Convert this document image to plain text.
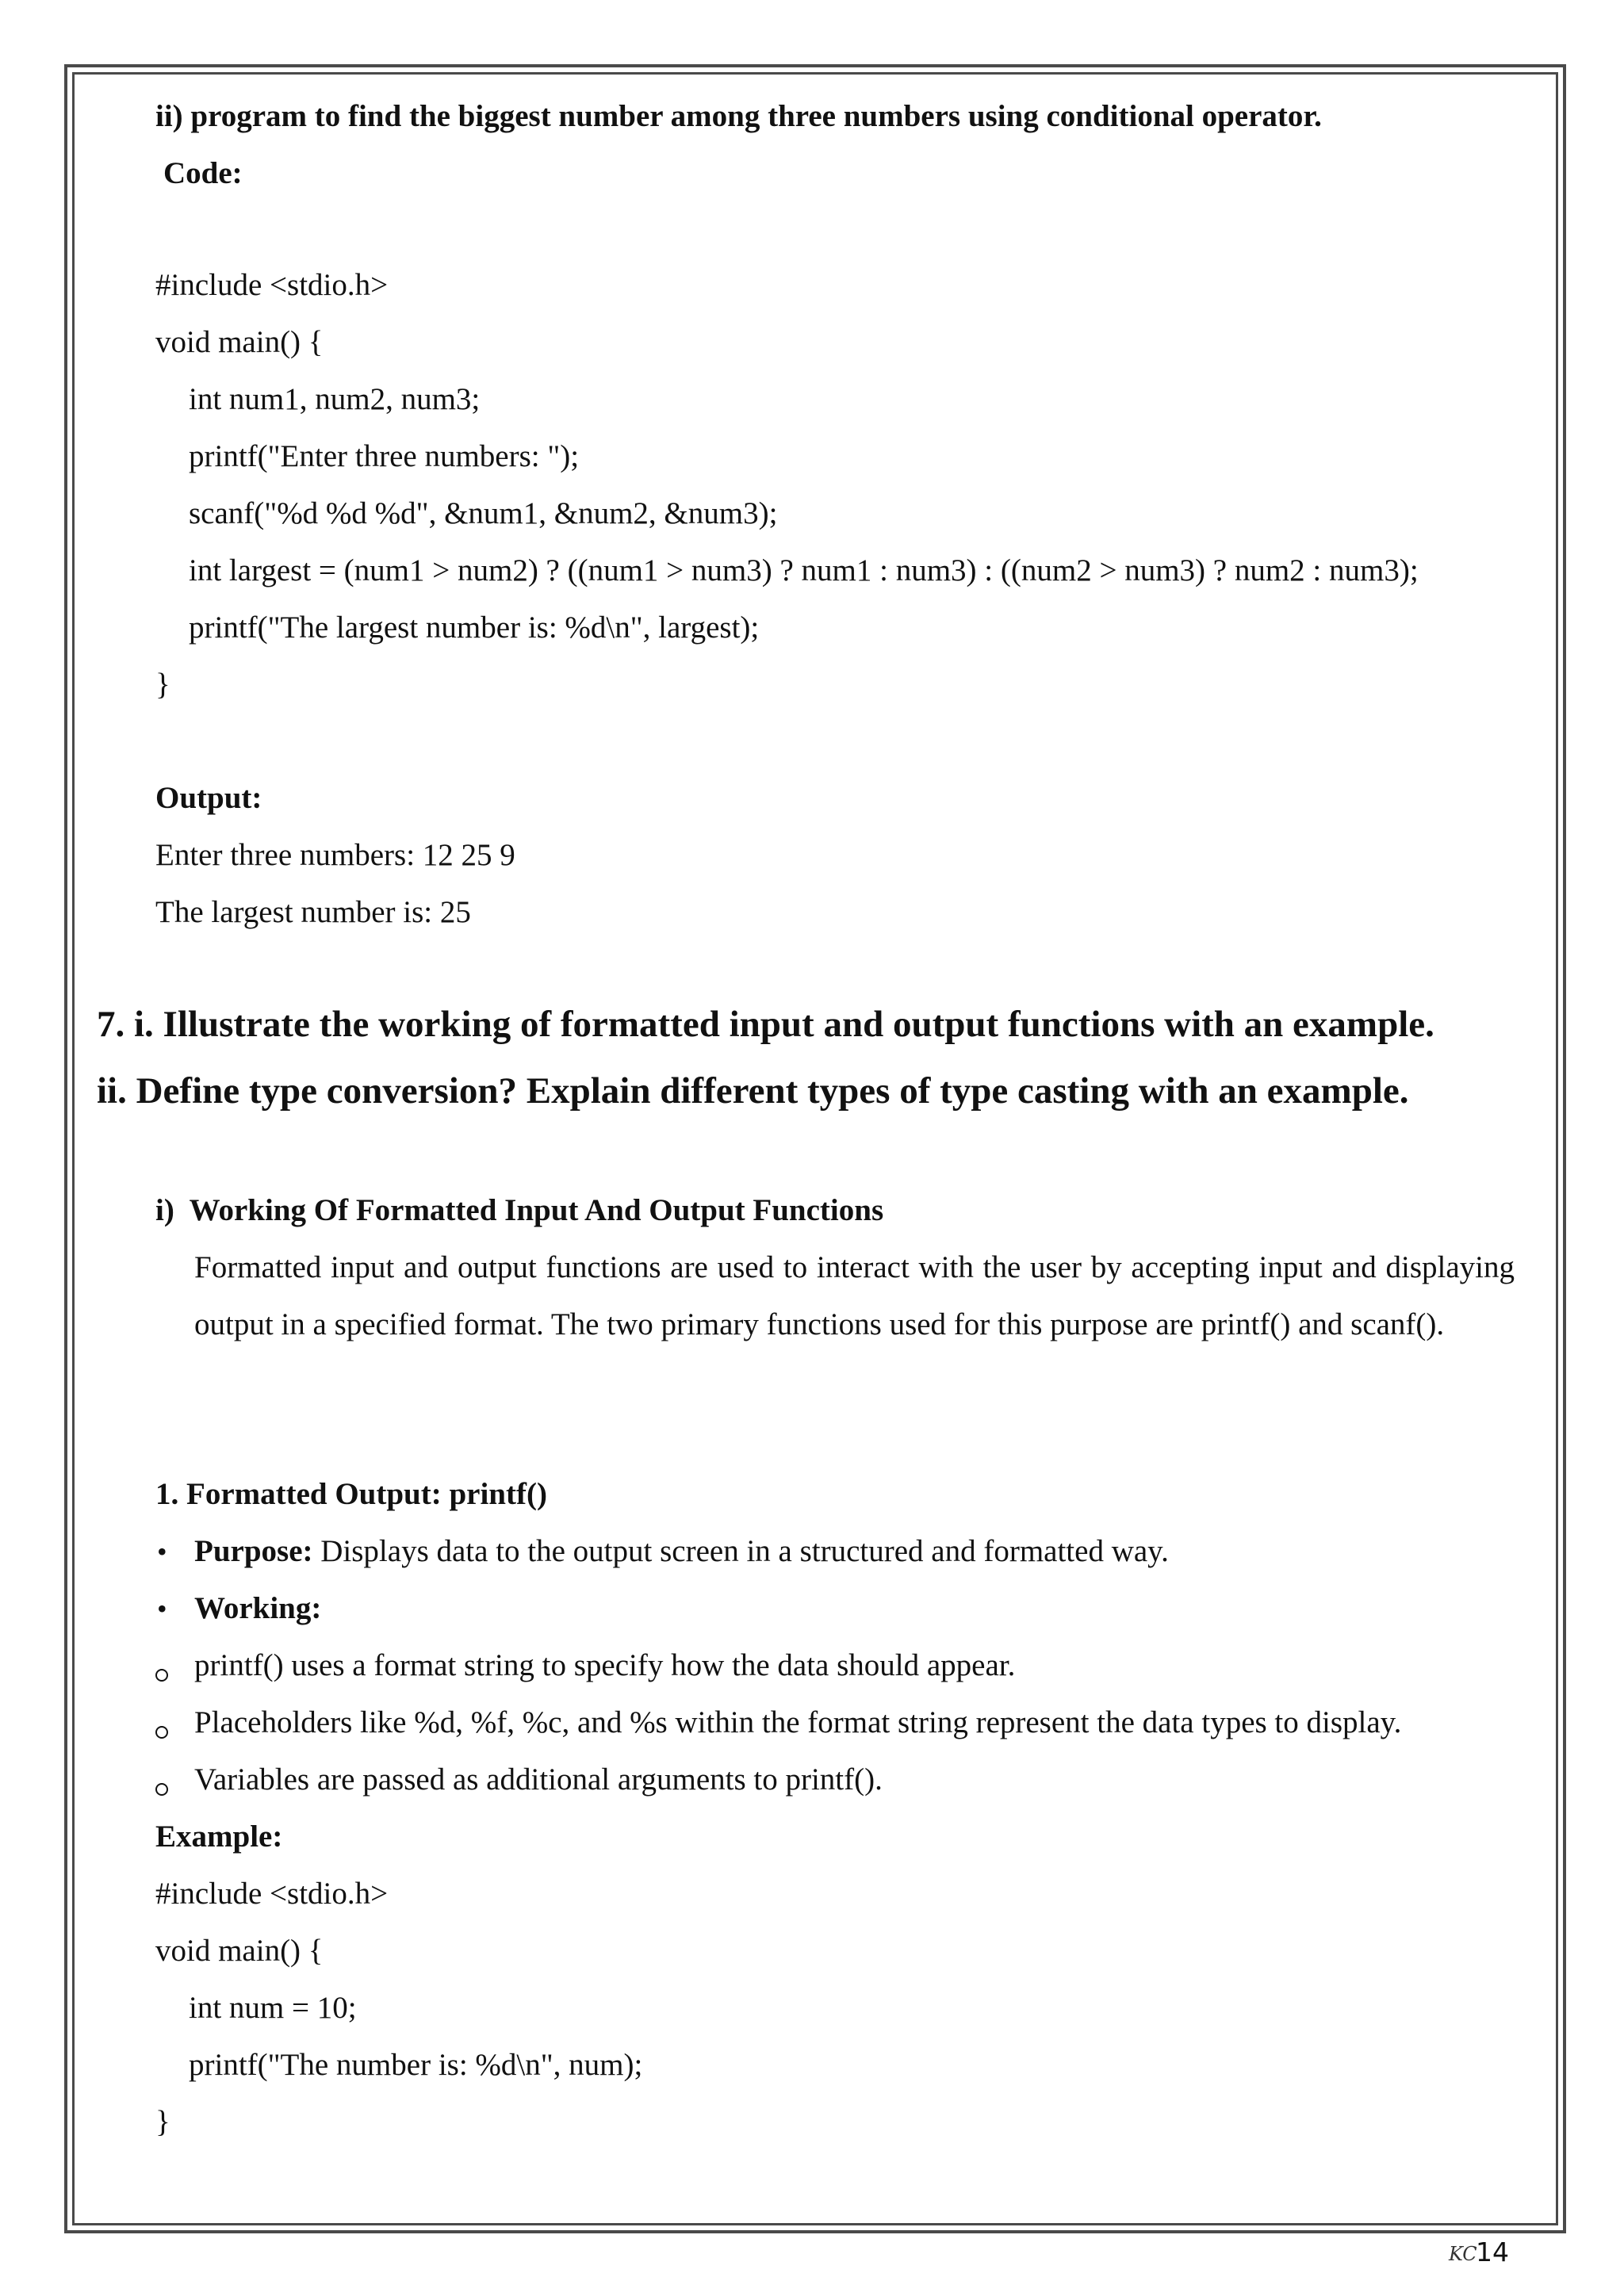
ii) program to find the biggest number among three numbers using conditional operator.
Code:
#include <stdio.h>
void main() {
int num1, num2, num3;
printf("Enter three numbers: ");
scanf("%d %d %d", &num1, &num2, &num3);
int largest = (num1 > num2) ? ((num1 > num3) ? num1 : num3) : ((num2 > num3) ? num2 : num3);
printf("The largest number is: %d\n", largest);
}
Output:
Enter three numbers: 12 25 9
The largest number is: 25
7. i. Illustrate the working of formatted input and output functions with an example.
ii. Define type conversion? Explain different types of type casting with an example.
i)  Working Of Formatted Input And Output Functions
Formatted input and output functions are used to interact with the user by accepting input and displaying output in a specified format. The two primary functions used for this purpose are printf() and scanf().
1. Formatted Output: printf()
• Purpose: Displays data to the output screen in a structured and formatted way.
• Working:
printf() uses a format string to specify how the data should appear.
Placeholders like %d, %f, %c, and %s within the format string represent the data types to display.
Variables are passed as additional arguments to printf().
Example:
#include <stdio.h>
void main() {
int num = 10;
printf("The number is: %d\n", num);
}
KC
14
